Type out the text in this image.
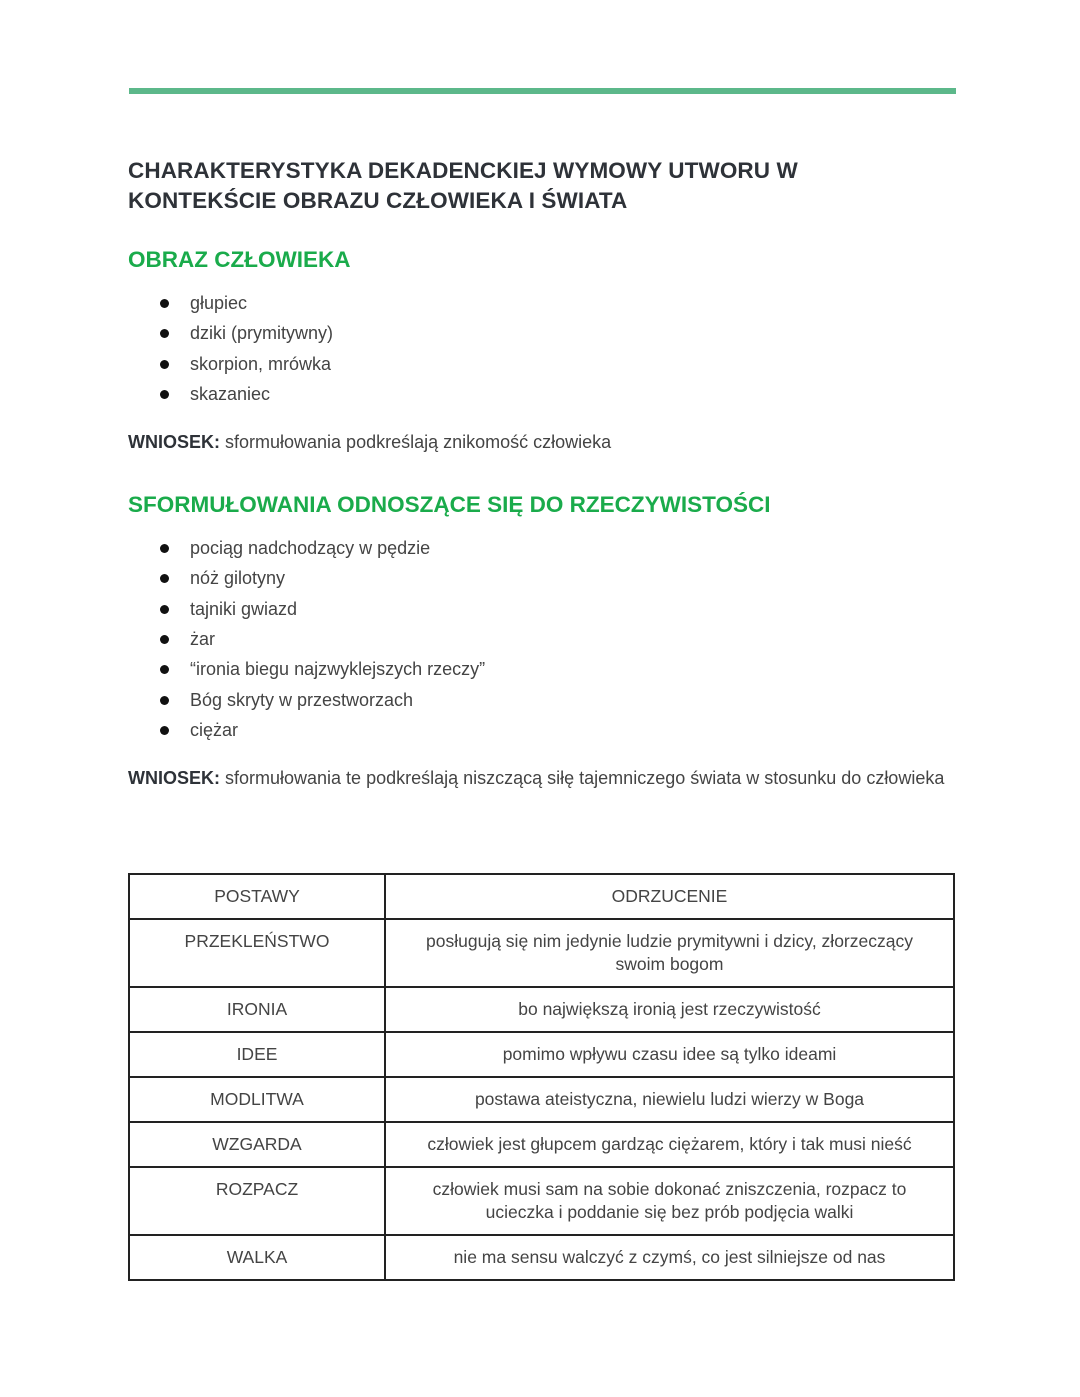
CHARAKTERYSTYKA DEKADENCKIEJ WYMOWY UTWORU W
KONTEKŚCIE OBRAZU CZŁOWIEKA I ŚWIATA
OBRAZ CZŁOWIEKA
głupiec
dziki (prymitywny)
skorpion, mrówka
skazaniec

WNIOSEK: sformułowania podkreślają znikomość człowieka

SFORMUŁOWANIA ODNOSZĄCE SIĘ DO RZECZYWISTOŚCI
pociąg nadchodzący w pędzie
nóż gilotyny
tajniki gwiazd
żar
“ironia biegu najzwyklejszych rzeczy”
Bóg skryty w przestworzach
ciężar

WNIOSEK: sformułowania te podkreślają niszczącą siłę tajemniczego świata w stosunku do człowieka

POSTAWY	ODRZUCENIE
PRZEKLEŃSTWO	posługują się nim jedynie ludzie prymitywni i dzicy, złorzeczący
swoim bogom
IRONIA	bo największą ironią jest rzeczywistość
IDEE	pomimo wpływu czasu idee są tylko ideami
MODLITWA	postawa ateistyczna, niewielu ludzi wierzy w Boga
WZGARDA	człowiek jest głupcem gardząc ciężarem, który i tak musi nieść
ROZPACZ	człowiek musi sam na sobie dokonać zniszczenia, rozpacz to
ucieczka i poddanie się bez prób podjęcia walki
WALKA	nie ma sensu walczyć z czymś, co jest silniejsze od nas
